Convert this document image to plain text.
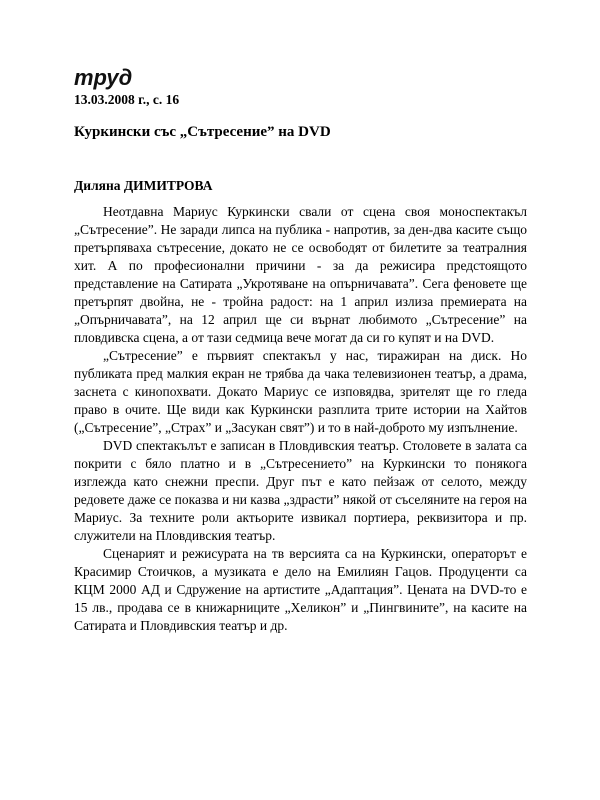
труд
13.03.2008 г., с. 16
Куркински със „Сътресение” на DVD
Диляна ДИМИТРОВА

Неотдавна Мариус Куркински свали от сцена своя моноспектакъл „Сътресение”. Не заради липса на публика - напротив, за ден-два касите също претърпяваха сътресение, докато не се освободят от билетите за театралния хит. А по професионални причини - за да режисира предстоящото представление на Сатирата „Укротяване на опърничавата”. Сега феновете ще претърпят двойна, не - тройна радост: на 1 април излиза премиерата на „Опърничавата”, на 12 април ще си върнат любимото „Сътресение” на пловдивска сцена, а от тази седмица вече могат да си го купят и на DVD.

„Сътресение” е първият спектакъл у нас, тиражиран на диск. Но публиката пред малкия екран не трябва да чака телевизионен театър, а драма, заснета с кинопохвати. Докато Мариус се изповядва, зрителят ще го гледа право в очите. Ще види как Куркински разплита трите истории на Хайтов („Сътресение”, „Страх” и „Засукан свят”) и то в най-доброто му изпълнение.

DVD спектакълът е записан в Пловдивския театър. Столовете в залата са покрити с бяло платно и в „Сътресението” на Куркински то понякога изглежда като снежни преспи. Друг път е като пейзаж от селото, между редовете даже се показва и ни казва „здрасти” някой от съселяните на героя на Мариус. За техните роли актьорите извикал портиера, реквизитора и пр. служители на Пловдивския театър.

Сценарият и режисурата на тв версията са на Куркински, операторът е Красимир Стоичков, а музиката е дело на Емилиян Гацов. Продуценти са КЦМ 2000 АД и Сдружение на артистите „Адаптация”. Цената на DVD-то е 15 лв., продава се в книжарниците „Хеликон” и „Пингвините”, на касите на Сатирата и Пловдивския театър и др.
